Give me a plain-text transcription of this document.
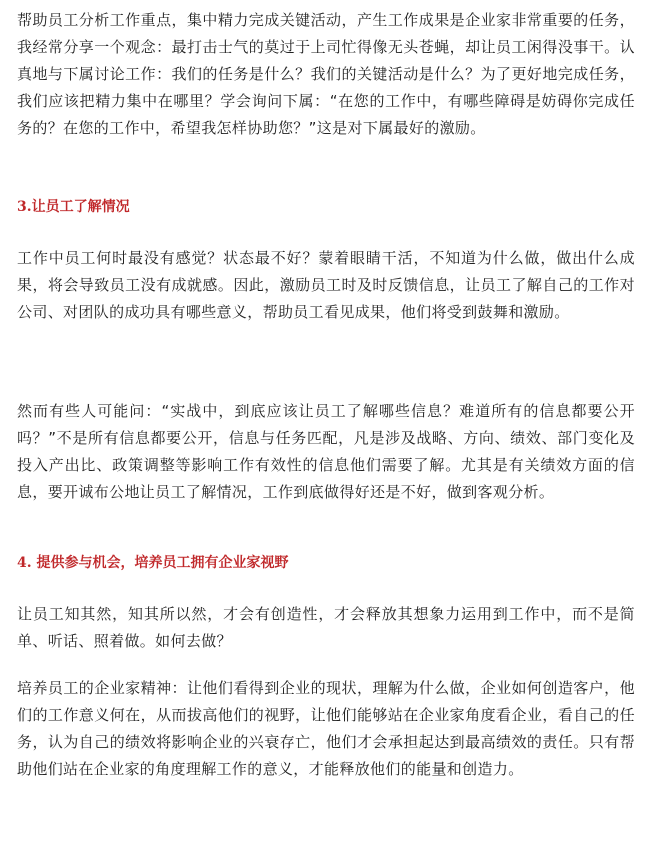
帮助员工分析工作重点，集中精力完成关键活动，产生工作成果是企业家非常重要的任务，我经常分享一个观念：最打击士气的莫过于上司忙得像无头苍蝇，却让员工闲得没事干。认真地与下属讨论工作：我们的任务是什么？我们的关键活动是什么？为了更好地完成任务，我们应该把精力集中在哪里？学会询问下属：“在您的工作中，有哪些障碍是妨碍你完成任务的？在您的工作中，希望我怎样协助您？”这是对下属最好的激励。

3.让员工了解情况

工作中员工何时最没有感觉？状态最不好？蒙着眼睛干活，不知道为什么做，做出什么成果，将会导致员工没有成就感。因此，激励员工时及时反馈信息，让员工了解自己的工作对公司、对团队的成功具有哪些意义，帮助员工看见成果，他们将受到鼓舞和激励。

然而有些人可能问：“实战中，到底应该让员工了解哪些信息？难道所有的信息都要公开吗？”不是所有信息都要公开，信息与任务匹配，凡是涉及战略、方向、绩效、部门变化及投入产出比、政策调整等影响工作有效性的信息他们需要了解。尤其是有关绩效方面的信息，要开诚布公地让员工了解情况，工作到底做得好还是不好，做到客观分析。

4. 提供参与机会，培养员工拥有企业家视野

让员工知其然，知其所以然，才会有创造性，才会释放其想象力运用到工作中，而不是简单、听话、照着做。如何去做？

培养员工的企业家精神：让他们看得到企业的现状，理解为什么做，企业如何创造客户，他们的工作意义何在，从而拔高他们的视野，让他们能够站在企业家角度看企业，看自己的任务，认为自己的绩效将影响企业的兴衰存亡，他们才会承担起达到最高绩效的责任。只有帮助他们站在企业家的角度理解工作的意义，才能释放他们的能量和创造力。
